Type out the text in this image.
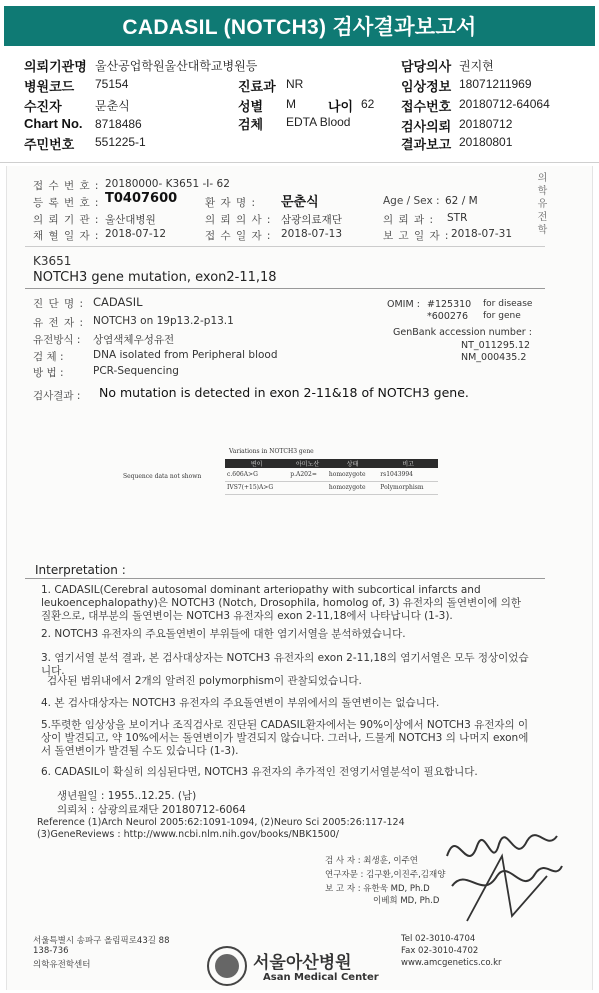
CADASIL (NOTCH3) 검사결과보고서
의뢰기관명 울산공업학원울산대학교병원등
병원코드 75154
수진자	문춘식
Chart No. 8718486
주민번호 551225-1
진료과 NR
성별 M 나이 62
검체 EDTA Blood
담당의사 권지현
임상정보 18071211969
접수번호 20180712-64064
검사의뢰 20180712
결과보고 20180801
접 수 번 호 : 20180000- K3651 -I- 62
등 록 번 호 : T0407600	환 자 명 : 문춘식	Age / Sex : 62 / M
의 뢰 기 관 : 울산대병원	의 뢰 의 사 : 삼광의료재단	의 뢰 과 : STR
채 혈 일 자 : 2018-07-12	접 수 일 자 : 2018-07-13	보 고 일 자 : 2018-07-31 의학유전학
K3651
NOTCH3 gene mutation, exon2-11,18
진 단 명 : CADASIL
유 전 자 : NOTCH3 on 19p13.2-p13.1
유전방식 : 상염색체우성유전
검 체 :	DNA isolated from Peripheral blood
방 법 :	PCR-Sequencing
OMIM : #125310 for disease
*600276 for gene
GenBank accession number :
NT_011295.12
NM_000435.2
검사결과 : No mutation is detected in exon 2-11&18 of NOTCH3 gene.
Variations in NOTCH3 gene
Sequence data not shown
변이	아미노산	상태	비고
c.606A>G	p.A202=	homozygote	rs1043994
IVS7(+15)A>G		homozygote	Polymorphism
Interpretation :

1. CADASIL(Cerebral autosomal dominant arteriopathy with subcortical infarcts and leukoencephalopathy)은 NOTCH3 (Notch, Drosophila, homolog of, 3) 유전자의 돌연변이에 의한 질환으로, 대부분의 돌연변이는 NOTCH3 유전자의 exon 2-11,18에서 나타납니다 (1-3).

2. NOTCH3 유전자의 주요돌연변이 부위들에 대한 염기서열을 분석하였습니다.

3. 염기서열 분석 결과, 본 검사대상자는 NOTCH3 유전자의 exon 2-11,18의 염기서열은 모두 정상이었습니다.

검사된 범위내에서 2개의 알려진 polymorphism이 관찰되었습니다.

4. 본 검사대상자는 NOTCH3 유전자의 주요돌연변이 부위에서의 돌연변이는 없습니다.

5.뚜렷한 임상상을 보이거나 조직검사로 진단된 CADASIL환자에서는 90%이상에서 NOTCH3 유전자의 이상이 발견되고, 약 10%에서는 돌연변이가 발견되지 않습니다. 그러나, 드물게 NOTCH3 의 나머지 exon에서 돌연변이가 발견될 수도 있습니다 (1-3).

6. CADASIL이 확실히 의심된다면, NOTCH3 유전자의 추가적인 전영기서열분석이 필요합니다.

생년월일 : 1955..12.25. (남)
의뢰처 : 삼광의료재단 20180712-6064

Reference (1)Arch Neurol 2005:62:1091-1094, (2)Neuro Sci 2005:26:117-124 (3)GeneReviews : http://www.ncbi.nlm.nih.gov/books/NBK1500/

검 사 자 : 최생훈, 이주연
연구자문 : 김구환,이진주,김재양
보 고 자 : 유한욱 MD, Ph.D
이베희 MD, Ph.D
서울특별시 송파구 올림픽로43길 88
138-736
의학유전학센터	서울아산병원
Asan Medical Center
Tel 02-3010-4704
Fax 02-3010-4702
www.amcgenetics.co.kr
